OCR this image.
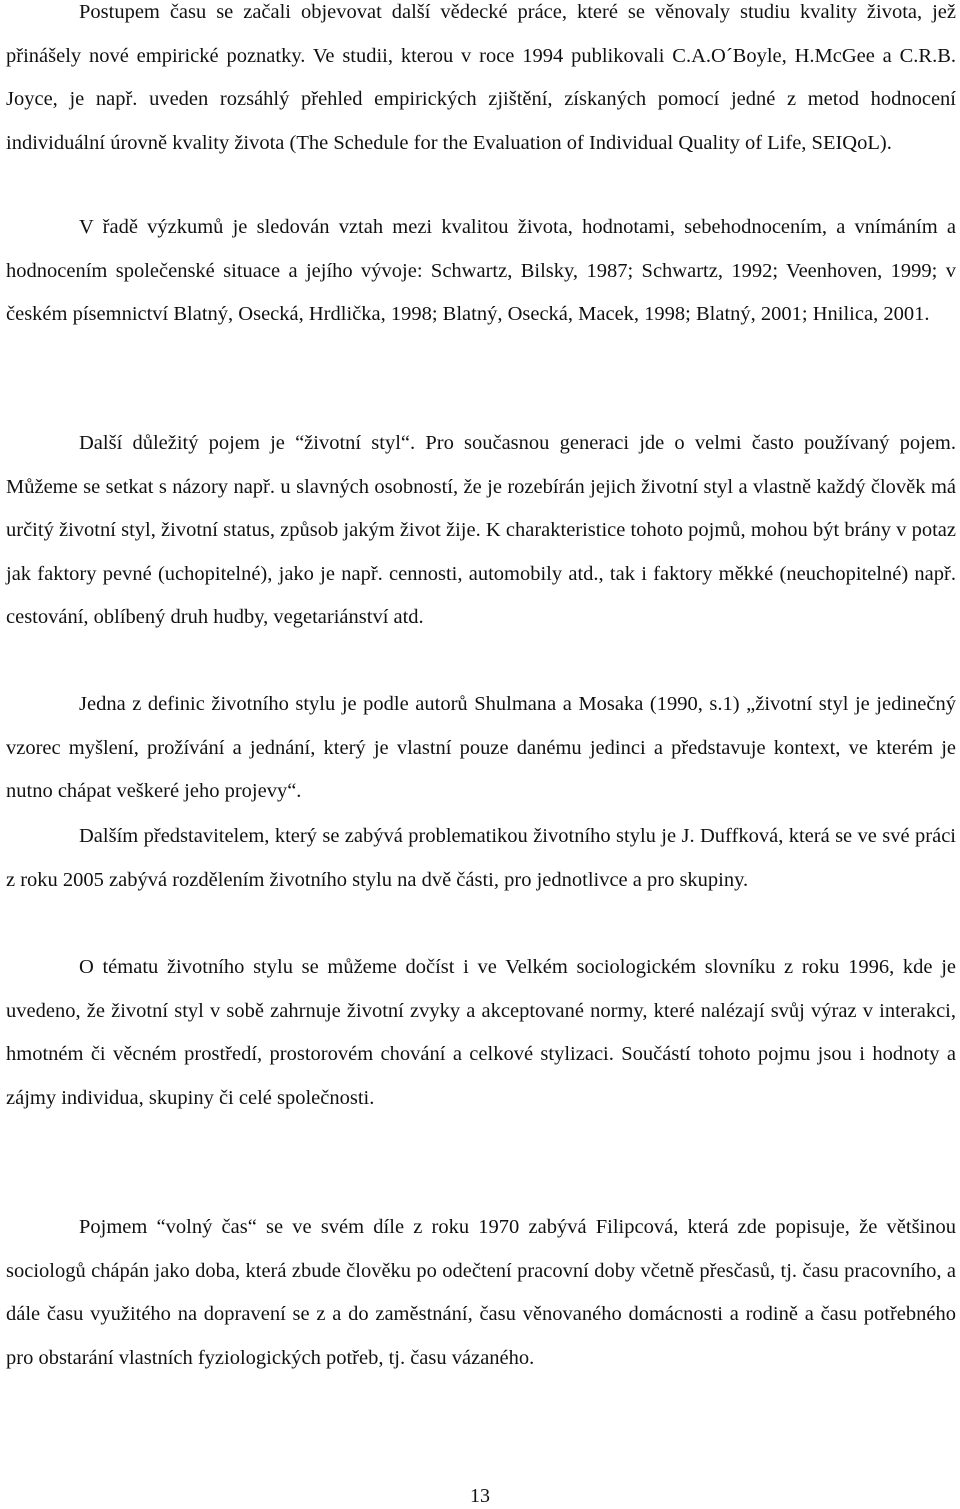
Postupem času se začali objevovat další vědecké práce, které se věnovaly studiu kvality života, jež přinášely nové empirické poznatky. Ve studii, kterou v roce 1994 publikovali C.A.O´Boyle, H.McGee a C.R.B. Joyce, je např. uveden rozsáhlý přehled empirických zjištění, získaných pomocí jedné z metod hodnocení individuální úrovně kvality života (The Schedule for the Evaluation of Individual Quality of Life, SEIQoL).

V řadě výzkumů je sledován vztah mezi kvalitou života, hodnotami, sebehodnocením, a vnímáním a hodnocením společenské situace a jejího vývoje: Schwartz, Bilsky, 1987; Schwartz, 1992; Veenhoven, 1999; v českém písemnictví Blatný, Osecká, Hrdlička, 1998; Blatný, Osecká, Macek, 1998; Blatný, 2001; Hnilica, 2001.

Další důležitý pojem je “životní styl“. Pro současnou generaci jde o velmi často používaný pojem. Můžeme se setkat s názory např. u slavných osobností, že je rozebírán jejich životní styl a vlastně každý člověk má určitý životní styl, životní status, způsob jakým život žije. K charakteristice tohoto pojmů, mohou být brány v potaz jak faktory pevné (uchopitelné), jako je např. cennosti, automobily atd., tak i faktory měkké (neuchopitelné) např. cestování, oblíbený druh hudby, vegetariánství atd.

Jedna z definic životního stylu je podle autorů Shulmana a Mosaka (1990, s.1) „životní styl je jedinečný vzorec myšlení, prožívání a jednání, který je vlastní pouze danému jedinci a představuje kontext, ve kterém je nutno chápat veškeré jeho projevy“.

Dalším představitelem, který se zabývá problematikou životního stylu je J. Duffková, která se ve své práci z roku 2005 zabývá rozdělením životního stylu na dvě části, pro jednotlivce a pro skupiny.

O tématu životního stylu se můžeme dočíst i ve Velkém sociologickém slovníku z roku 1996, kde je uvedeno, že životní styl v sobě zahrnuje životní zvyky a akceptované normy, které nalézají svůj výraz v interakci, hmotném či věcném prostředí, prostorovém chování a celkové stylizaci. Součástí tohoto pojmu jsou i hodnoty a zájmy individua, skupiny či celé společnosti.

Pojmem “volný čas“ se ve svém díle z roku 1970 zabývá Filipcová, která zde popisuje, že většinou sociologů chápán jako doba, která zbude člověku po odečtení pracovní doby včetně přesčasů, tj. času pracovního, a dále času využitého na dopravení se z a do zaměstnání, času věnovaného domácnosti a rodině a času potřebného pro obstarání vlastních fyziologických potřeb, tj. času vázaného.

13
